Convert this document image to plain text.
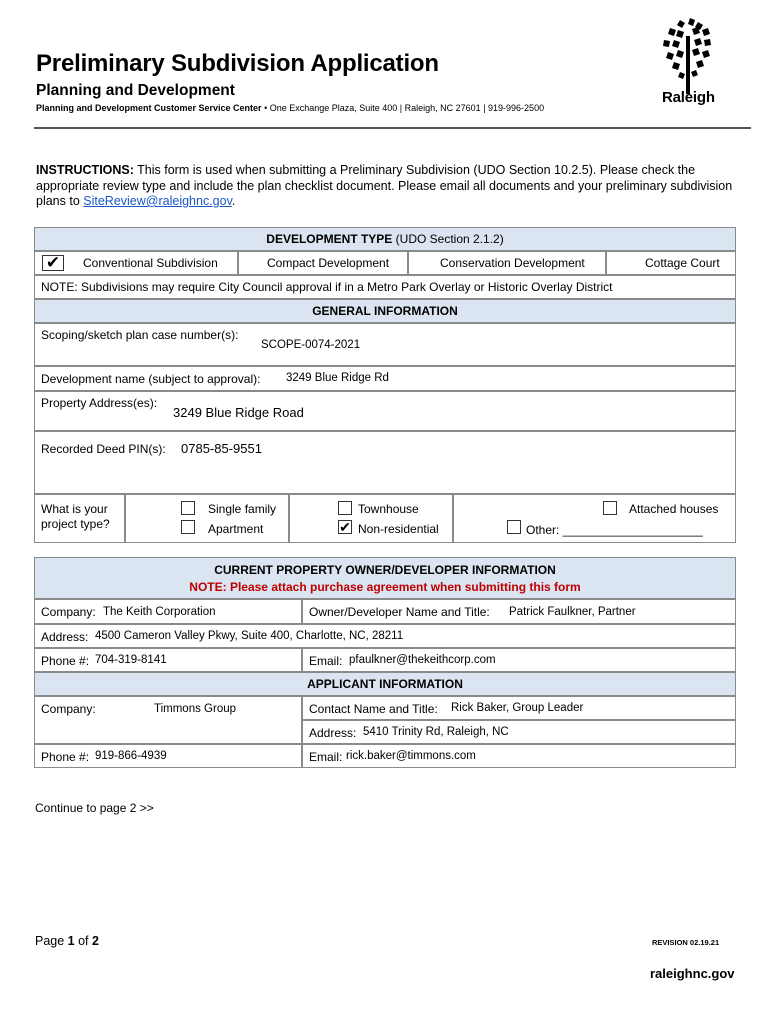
Preliminary Subdivision Application
Planning and Development
Planning and Development Customer Service Center • One Exchange Plaza, Suite 400 | Raleigh, NC 27601 | 919-996-2500
Raleigh
INSTRUCTIONS: This form is used when submitting a Preliminary Subdivision (UDO Section 10.2.5). Please check the appropriate review type and include the plan checklist document. Please email all documents and your preliminary subdivision plans to SiteReview@raleighnc.gov.
DEVELOPMENT TYPE (UDO Section 2.1.2)
✔	Conventional Subdivision	Compact Development	Conservation Development	Cottage Court
NOTE: Subdivisions may require City Council approval if in a Metro Park Overlay or Historic Overlay District
GENERAL INFORMATION
Scoping/sketch plan case number(s):
SCOPE-0074-2021
Development name (subject to approval): 3249 Blue Ridge Rd
Property Address(es):
3249 Blue Ridge Road
Recorded Deed PIN(s): 0785-85-9551
What is your project type?
Single family
Apartment
Townhouse
✔ Non-residential
Attached houses
Other: _____________________
CURRENT PROPERTY OWNER/DEVELOPER INFORMATION
NOTE: Please attach purchase agreement when submitting this form
Company: The Keith Corporation	Owner/Developer Name and Title: Patrick Faulkner, Partner
Address: 4500 Cameron Valley Pkwy, Suite 400, Charlotte, NC, 28211
Phone #: 704-319-8141	Email: pfaulkner@thekeithcorp.com
APPLICANT INFORMATION
Company:	Timmons Group	Contact Name and Title: Rick Baker, Group Leader
Address: 5410 Trinity Rd, Raleigh, NC
Phone #: 919-866-4939	Email: rick.baker@timmons.com
Continue to page 2 >>
Page 1 of 2	REVISION 02.19.21
raleighnc.gov
